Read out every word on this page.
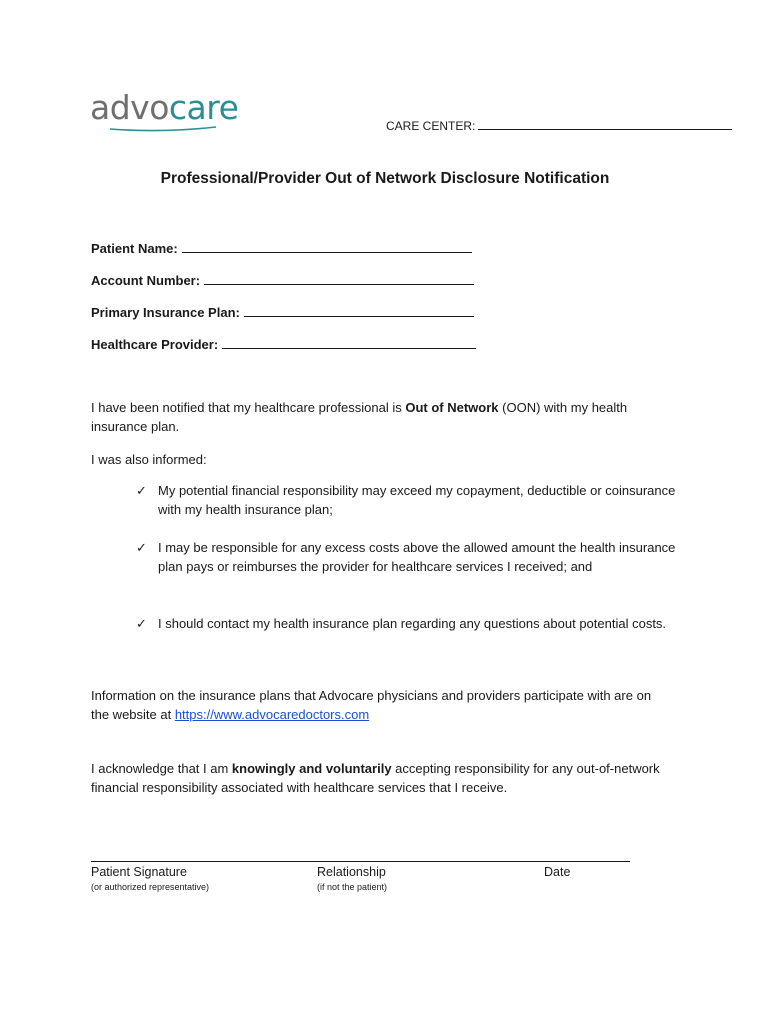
advocare	CARE CENTER:
Professional/Provider Out of Network Disclosure Notification
Patient Name:
Account Number:
Primary Insurance Plan:
Healthcare Provider:
I have been notified that my healthcare professional is Out of Network (OON) with my health insurance plan.
I was also informed:
✓ My potential financial responsibility may exceed my copayment, deductible or coinsurance with my health insurance plan;
✓ I may be responsible for any excess costs above the allowed amount the health insurance plan pays or reimburses the provider for healthcare services I received; and
✓ I should contact my health insurance plan regarding any questions about potential costs.
Information on the insurance plans that Advocare physicians and providers participate with are on the website at https://www.advocaredoctors.com
I acknowledge that I am knowingly and voluntarily accepting responsibility for any out-of-network financial responsibility associated with healthcare services that I receive.
Patient Signature
(or authorized representative)
Relationship
(if not the patient)
Date
